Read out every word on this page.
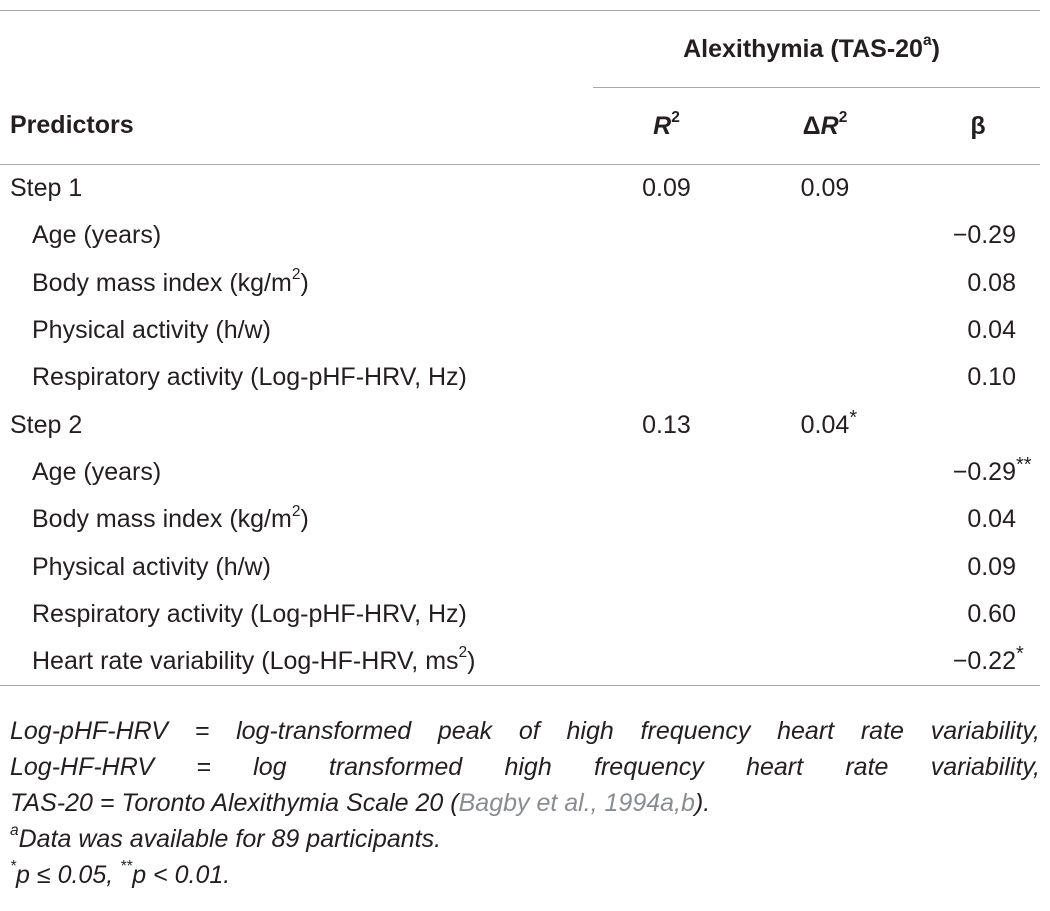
	Alexithymia (TAS-20$^a$)		

Predictors	$R^2$	$\Delta R^2$	β
Step 1	0.09	0.09

Age (years)			−0.29

Body mass index $(kg/m^2)$			0.08

Physical activity (h/w)			0.04

Respiratory activity (Log-pHF-HRV, Hz)			0.10

Step 2	0.13	0.04 *	

Age (years)			−0.29 **

Body mass index $(kg/m^2)$			0.04

Physical activity (h/w)			0.09

Respiratory activity (Log-pHF-HRV, Hz)			0.60

Heart rate variability (Log-HF-HRV, $ms^2$)			−0.22 *

Log-pHF-HRV = log-transformed peak of high frequency heart rate variability,

Log-HF-HRV = log transformed high frequency heart rate variability,

TAS-20 = Toronto Alexithymia Scale 20 (Bagby et al., 1994a,b).

$^a$Data was available for 89 participants.

*p ≤ 0.05, **p < 0.01.
